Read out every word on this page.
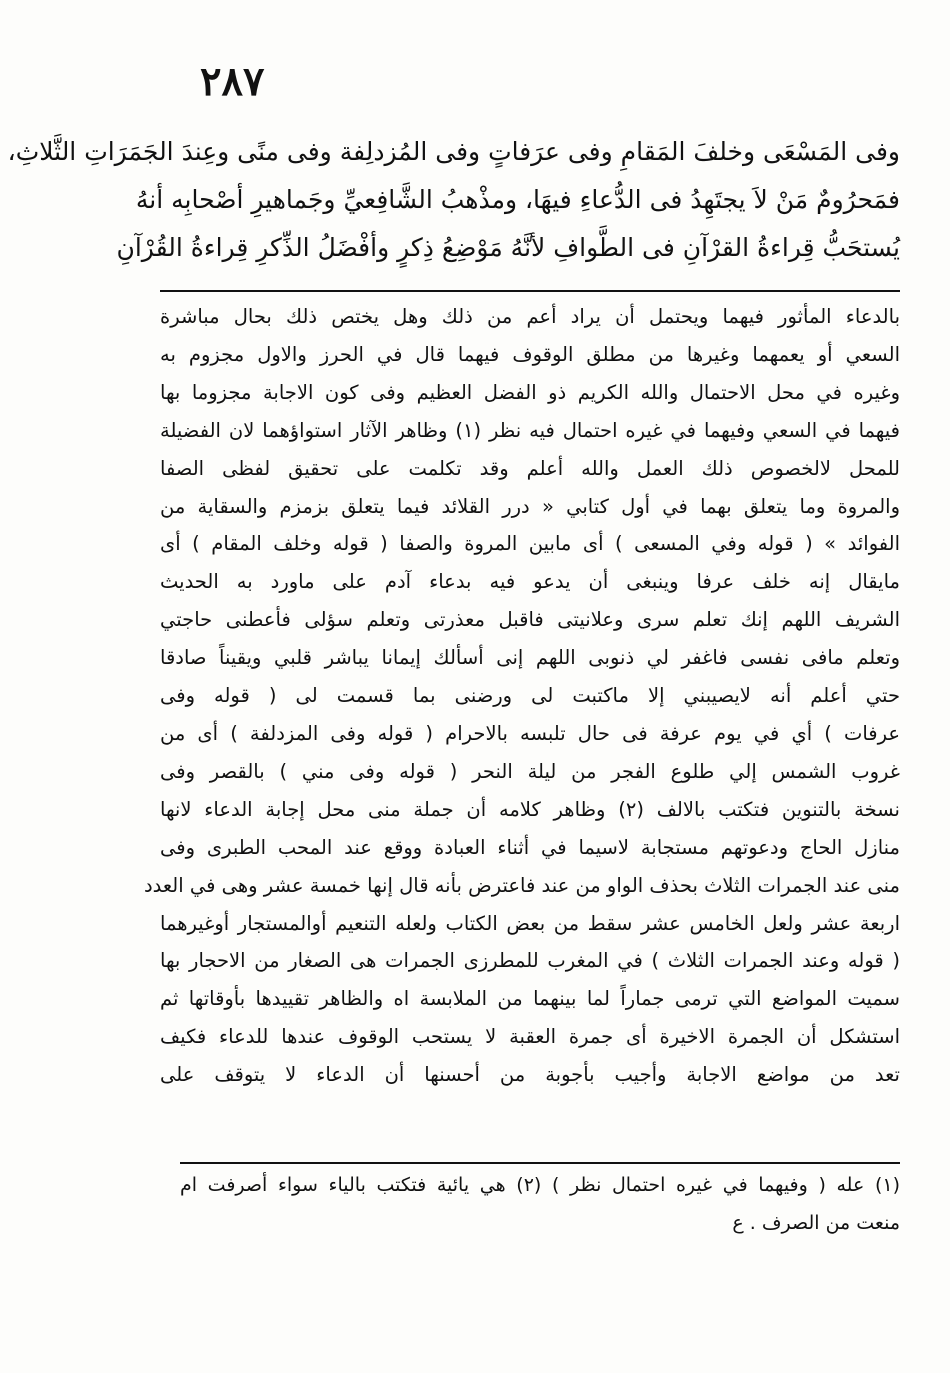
٢٨٧
وفى المَسْعَى وخلفَ المَقامِ وفى عرَفاتٍ وفى المُزدلِفة وفى منًى وعِندَ الجَمَرَاتِ الثَّلاثِ،
فمَحرُومٌ مَنْ لاَ يجتَهِدُ فى الدُّعاءِ فيهَا، ومذْهبُ الشَّافِعيِّ وجَماهيرِ أصْحابِه أنهُ
يُستحَبُّ قِراءةُ القرْآنِ فى الطَّوافِ لأنَّهُ مَوْضِعُ ذِكرٍ وأفْضَلُ الذِّكرِ قِراءةُ القُرْآنِ
بالدعاء المأثور فيهما ويحتمل أن يراد أعم من ذلك وهل يختص ذلك بحال مباشرة
السعي أو يعمهما وغيرها من مطلق الوقوف فيهما قال في الحرز والاول مجزوم به
وغيره في محل الاحتمال والله الكريم ذو الفضل العظيم وفى كون الاجابة مجزوما بها
فيهما في السعي وفيهما في غيره احتمال فيه نظر (١) وظاهر الآثار استواؤهما لان الفضيلة
للمحل لالخصوص ذلك العمل والله أعلم وقد تكلمت على تحقيق لفظى الصفا
والمروة وما يتعلق بهما في أول كتابي « درر القلائد فيما يتعلق بزمزم والسقاية من
الفوائد » ( قوله وفي المسعى ) أى مابين المروة والصفا ( قوله وخلف المقام ) أى
مايقال إنه خلف عرفا وينبغى أن يدعو فيه بدعاء آدم على ماورد به الحديث
الشريف اللهم إنك تعلم سرى وعلانيتى فاقبل معذرتى وتعلم سؤلى فأعطنى حاجتي
وتعلم مافى نفسى فاغفر لي ذنوبى اللهم إنى أسألك إيمانا يباشر قلبي ويقيناً صادقا
حتي أعلم أنه لايصيبني إلا ماكتبت لى ورضنى بما قسمت لى ( قوله وفى
عرفات ) أي في يوم عرفة فى حال تلبسه بالاحرام ( قوله وفى المزدلفة ) أى من
غروب الشمس إلي طلوع الفجر من ليلة النحر ( قوله وفى مني ) بالقصر وفى
نسخة بالتنوين فتكتب بالالف (٢) وظاهر كلامه أن جملة منى محل إجابة الدعاء لانها
منازل الحاج ودعوتهم مستجابة لاسيما في أثناء العبادة ووقع عند المحب الطبرى وفى
منى عند الجمرات الثلاث بحذف الواو من عند فاعترض بأنه قال إنها خمسة عشر وهى في العدد
اربعة عشر ولعل الخامس عشر سقط من بعض الكتاب ولعله التنعيم أوالمستجار أوغيرهما
( قوله وعند الجمرات الثلاث ) في المغرب للمطرزى الجمرات هى الصغار من الاحجار بها
سميت المواضع التي ترمى جماراً لما بينهما من الملابسة اه والظاهر تقييدها بأوقاتها ثم
استشكل أن الجمرة الاخيرة أى جمرة العقبة لا يستحب الوقوف عندها للدعاء فكيف
تعد من مواضع الاجابة وأجيب بأجوبة من أحسنها أن الدعاء لا يتوقف على
(١) عله ( وفيهما في غيره احتمال نظر ) (٢) هي يائية فتكتب بالياء سواء أصرفت ام
منعت من الصرف . ع
